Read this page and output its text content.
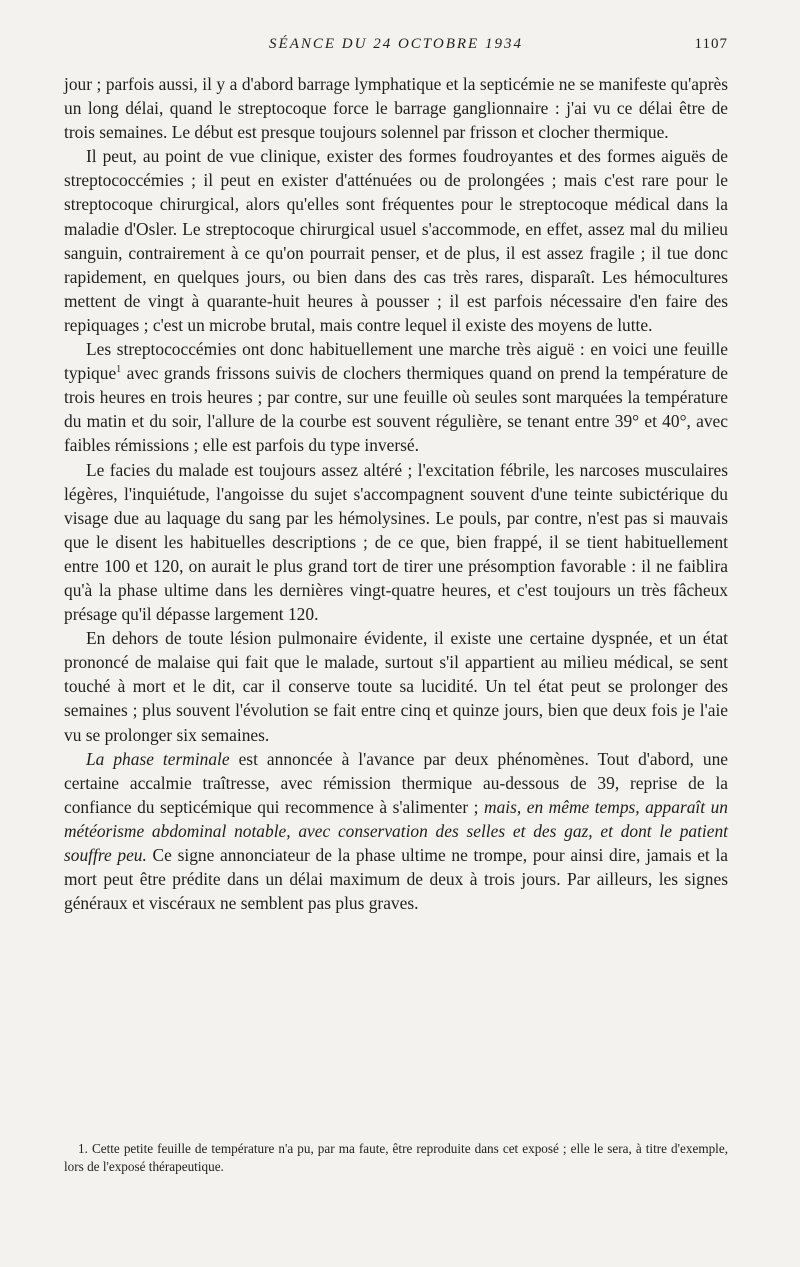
SÉANCE DU 24 OCTOBRE 1934	1107

jour ; parfois aussi, il y a d'abord barrage lymphatique et la septicémie ne se manifeste qu'après un long délai, quand le streptocoque force le barrage ganglionnaire : j'ai vu ce délai être de trois semaines. Le début est presque toujours solennel par frisson et clocher thermique.

Il peut, au point de vue clinique, exister des formes foudroyantes et des formes aiguës de streptococcémies ; il peut en exister d'atténuées ou de prolongées ; mais c'est rare pour le streptocoque chirurgical, alors qu'elles sont fréquentes pour le streptocoque médical dans la maladie d'Osler. Le streptocoque chirurgical usuel s'accommode, en effet, assez mal du milieu sanguin, contrairement à ce qu'on pourrait penser, et de plus, il est assez fragile ; il tue donc rapidement, en quelques jours, ou bien dans des cas très rares, disparaît. Les hémocultures mettent de vingt à quarante-huit heures à pousser ; il est parfois nécessaire d'en faire des repiquages ; c'est un microbe brutal, mais contre lequel il existe des moyens de lutte.

Les streptococcémies ont donc habituellement une marche très aiguë : en voici une feuille typique$^1$ avec grands frissons suivis de clochers thermiques quand on prend la température de trois heures en trois heures ; par contre, sur une feuille où seules sont marquées la température du matin et du soir, l'allure de la courbe est souvent régulière, se tenant entre 39° et 40°, avec faibles rémissions ; elle est parfois du type inversé.

Le facies du malade est toujours assez altéré ; l'excitation fébrile, les narcoses musculaires légères, l'inquiétude, l'angoisse du sujet s'accompagnent souvent d'une teinte subictérique du visage due au laquage du sang par les hémolysines. Le pouls, par contre, n'est pas si mauvais que le disent les habituelles descriptions ; de ce que, bien frappé, il se tient habituellement entre 100 et 120, on aurait le plus grand tort de tirer une présomption favorable : il ne faiblira qu'à la phase ultime dans les dernières vingt-quatre heures, et c'est toujours un très fâcheux présage qu'il dépasse largement 120.

En dehors de toute lésion pulmonaire évidente, il existe une certaine dyspnée, et un état prononcé de malaise qui fait que le malade, surtout s'il appartient au milieu médical, se sent touché à mort et le dit, car il conserve toute sa lucidité. Un tel état peut se prolonger des semaines ; plus souvent l'évolution se fait entre cinq et quinze jours, bien que deux fois je l'aie vu se prolonger six semaines.

La phase terminale est annoncée à l'avance par deux phénomènes. Tout d'abord, une certaine accalmie traîtresse, avec rémission thermique au-dessous de 39, reprise de la confiance du septicémique qui recommence à s'alimenter ; mais, en même temps, apparaît un météorisme abdominal notable, avec conservation des selles et des gaz, et dont le patient souffre peu. Ce signe annonciateur de la phase ultime ne trompe, pour ainsi dire, jamais et la mort peut être prédite dans un délai maximum de deux à trois jours. Par ailleurs, les signes généraux et viscéraux ne semblent pas plus graves.

1. Cette petite feuille de température n'a pu, par ma faute, être reproduite dans cet exposé ; elle le sera, à titre d'exemple, lors de l'exposé thérapeutique.
